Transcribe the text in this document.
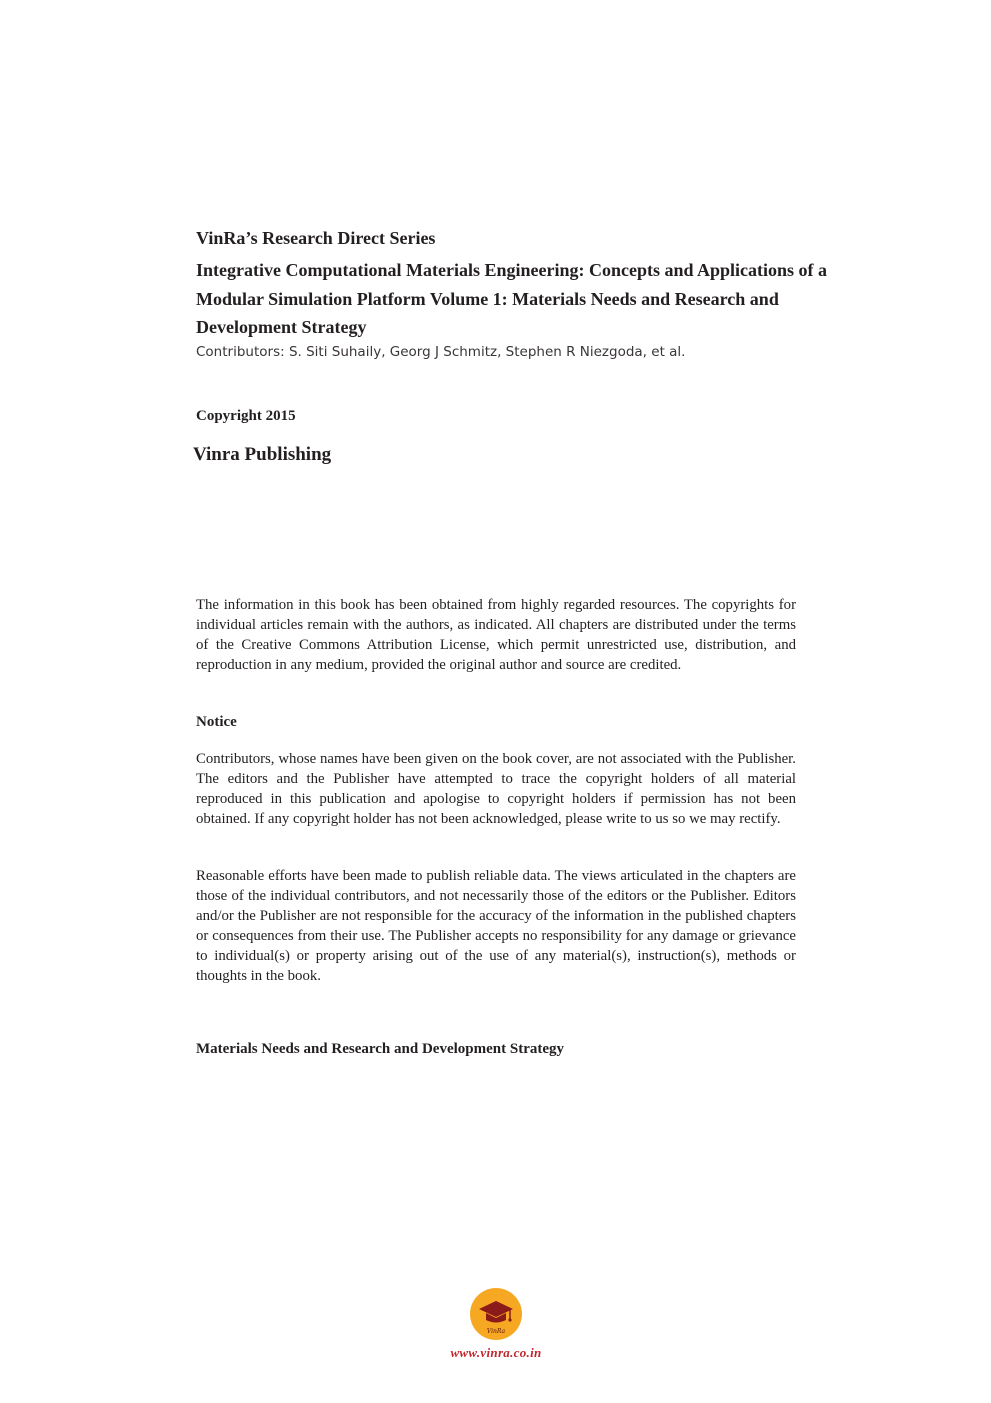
VinRa’s Research Direct Series
Integrative Computational Materials Engineering: Concepts and Applications of a Modular Simulation Platform Volume 1: Materials Needs and Research and Development Strategy
Contributors: S. Siti Suhaily, Georg J Schmitz, Stephen R Niezgoda, et al.
Copyright 2015
Vinra Publishing

The information in this book has been obtained from highly regarded resources. The copyrights for individual articles remain with the authors, as indicated. All chapters are distributed under the terms of the Creative Commons Attribution License, which permit unrestricted use, distribution, and reproduction in any medium, provided the original author and source are credited.

Notice

Contributors, whose names have been given on the book cover, are not associated with the Publisher. The editors and the Publisher have attempted to trace the copyright holders of all material reproduced in this publication and apologise to copyright holders if permission has not been obtained. If any copyright holder has not been acknowledged, please write to us so we may rectify.

Reasonable efforts have been made to publish reliable data. The views articulated in the chapters are those of the individual contributors, and not necessarily those of the editors or the Publisher. Editors and/or the Publisher are not responsible for the accuracy of the information in the published chapters or consequences from their use. The Publisher accepts no responsibility for any damage or grievance to individual(s) or property arising out of the use of any material(s), instruction(s), methods or thoughts in the book.

Materials Needs and Research and Development Strategy
VinRa
www.vinra.co.in
